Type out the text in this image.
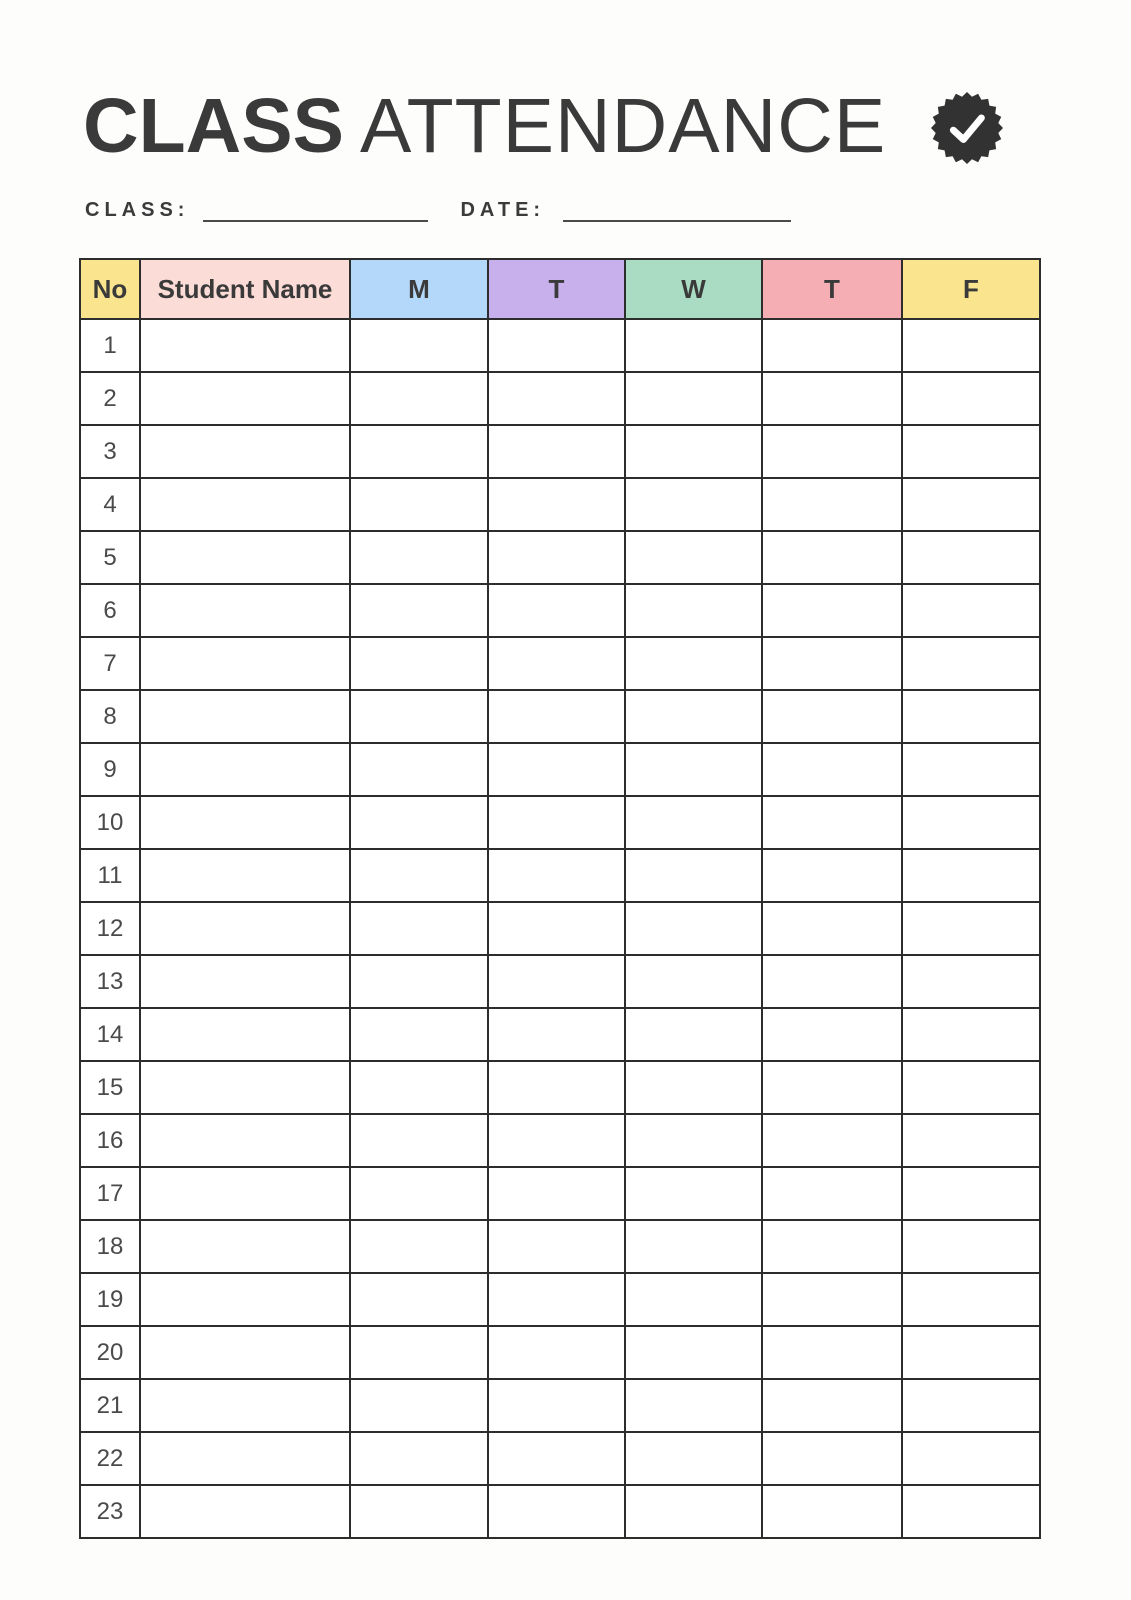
CLASS ATTENDANCE
CLASS:	DATE:
No	Student Name	M	T	W	T	F
1						
2						
3						
4						
5						
6						
7						
8						
9						
10						
11						
12						
13						
14						
15						
16						
17						
18						
19						
20						
21						
22						
23						
